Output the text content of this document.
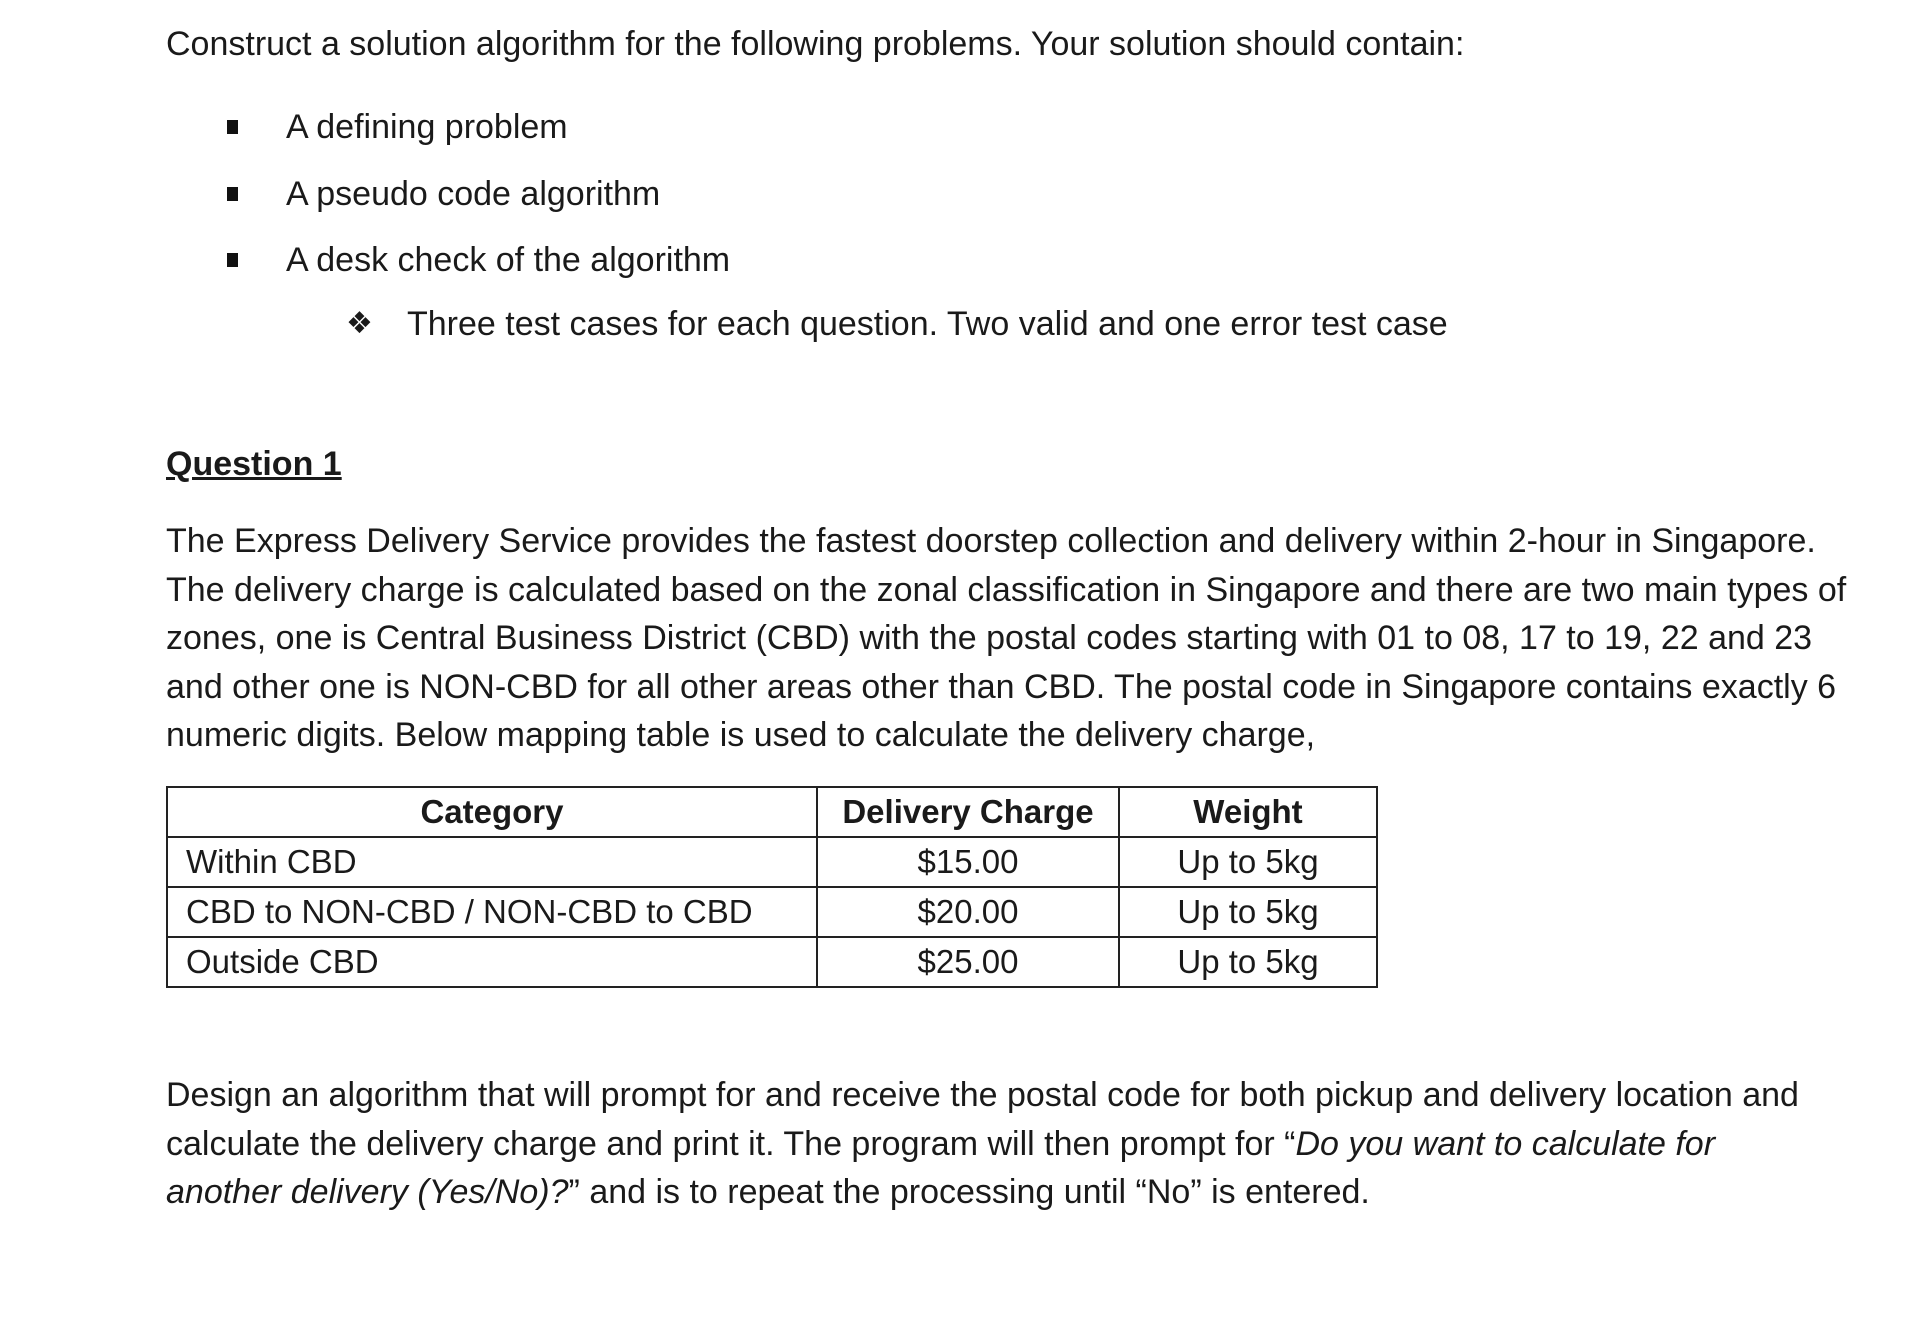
Construct a solution algorithm for the following problems. Your solution should contain:

A defining problem
A pseudo code algorithm
A desk check of the algorithm
❖ Three test cases for each question. Two valid and one error test case
Question 1

The Express Delivery Service provides the fastest doorstep collection and delivery within 2-hour in Singapore.
The delivery charge is calculated based on the zonal classification in Singapore and there are two main types of
zones, one is Central Business District (CBD) with the postal codes starting with 01 to 08, 17 to 19, 22 and 23
and other one is NON-CBD for all other areas other than CBD. The postal code in Singapore contains exactly 6
numeric digits. Below mapping table is used to calculate the delivery charge,

Category	Delivery Charge	Weight
Within CBD	$15.00	Up to 5kg
CBD to NON-CBD / NON-CBD to CBD	$20.00	Up to 5kg
Outside CBD	$25.00	Up to 5kg

Design an algorithm that will prompt for and receive the postal code for both pickup and delivery location and
calculate the delivery charge and print it. The program will then prompt for “Do you want to calculate for
another delivery (Yes/No)?” and is to repeat the processing until “No” is entered.
